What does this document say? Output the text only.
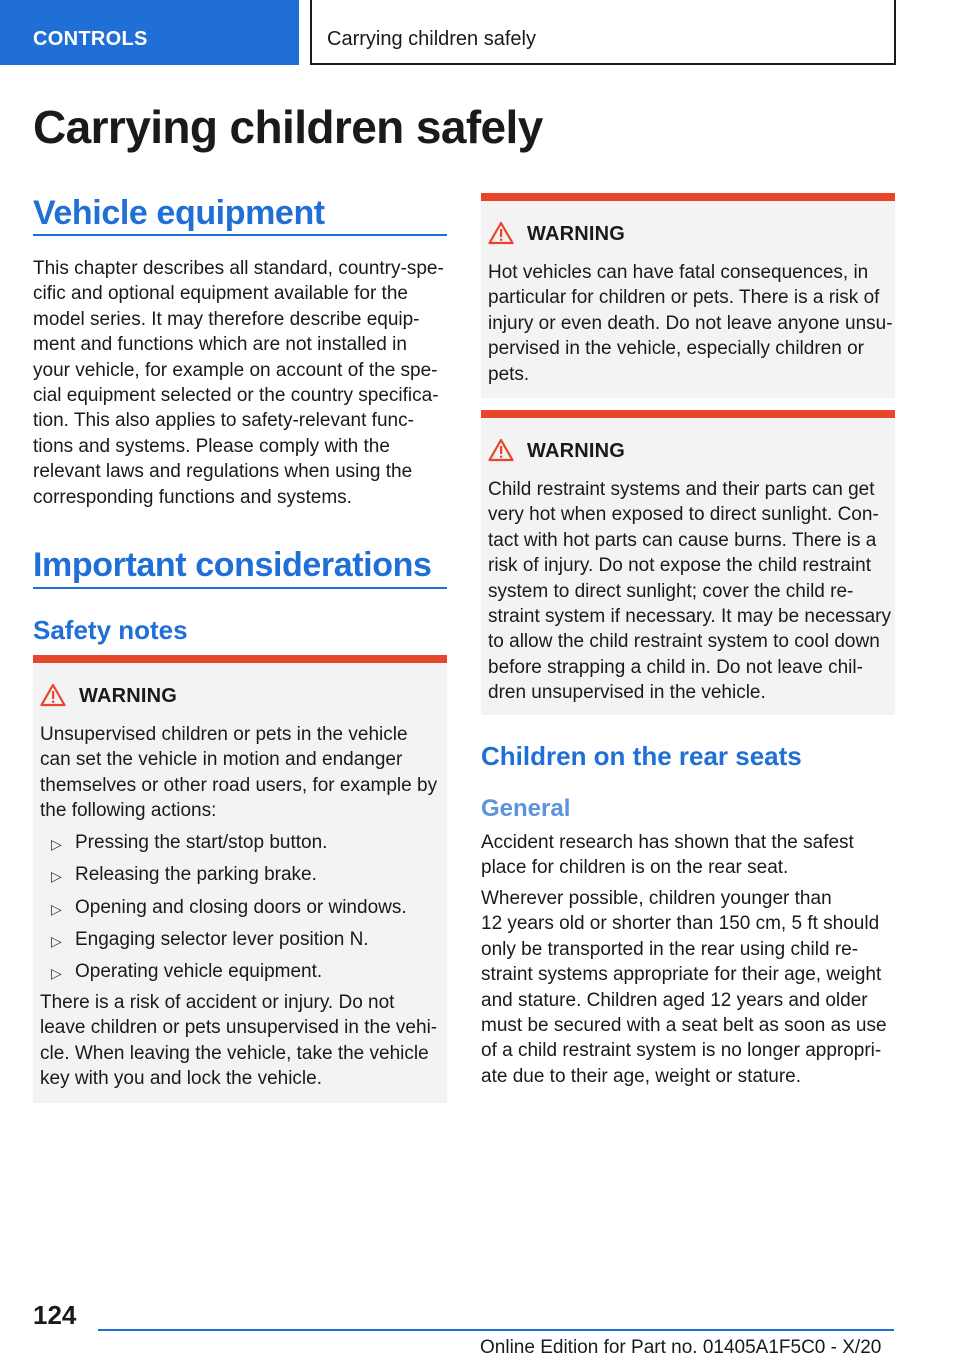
CONTROLS	Carrying children safely
Carrying children safely
Vehicle equipment

This chapter describes all standard, country-spe‐
cific and optional equipment available for the
model series. It may therefore describe equip‐
ment and functions which are not installed in
your vehicle, for example on account of the spe‐
cial equipment selected or the country specifica‐
tion. This also applies to safety-relevant func‐
tions and systems. Please comply with the
relevant laws and regulations when using the
corresponding functions and systems.

Important considerations
Safety notes
WARNING

Unsupervised children or pets in the vehicle
can set the vehicle in motion and endanger
themselves or other road users, for example by
the following actions:

▷ Pressing the start/stop button.
▷ Releasing the parking brake.
▷ Opening and closing doors or windows.
▷ Engaging selector lever position N.
▷ Operating vehicle equipment.

There is a risk of accident or injury. Do not
leave children or pets unsupervised in the vehi‐
cle. When leaving the vehicle, take the vehicle
key with you and lock the vehicle.

WARNING

Hot vehicles can have fatal consequences, in
particular for children or pets. There is a risk of
injury or even death. Do not leave anyone unsu‐
pervised in the vehicle, especially children or
pets.

WARNING

Child restraint systems and their parts can get
very hot when exposed to direct sunlight. Con‐
tact with hot parts can cause burns. There is a
risk of injury. Do not expose the child restraint
system to direct sunlight; cover the child re‐
straint system if necessary. It may be necessary
to allow the child restraint system to cool down
before strapping a child in. Do not leave chil‐
dren unsupervised in the vehicle.

Children on the rear seats
General

Accident research has shown that the safest
place for children is on the rear seat.

Wherever possible, children younger than
12 years old or shorter than 150 cm, 5 ft should
only be transported in the rear using child re‐
straint systems appropriate for their age, weight
and stature. Children aged 12 years and older
must be secured with a seat belt as soon as use
of a child restraint system is no longer appropri‐
ate due to their age, weight or stature.

124
Online Edition for Part no. 01405A1F5C0 - X/20
